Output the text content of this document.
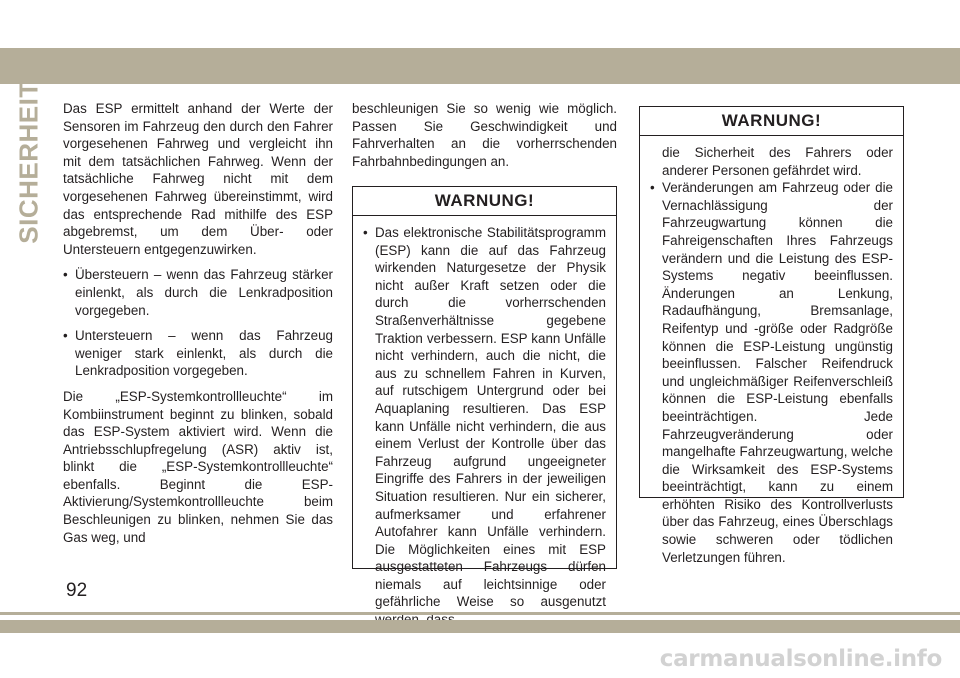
SICHERHEIT Das ESP ermittelt anhand der Werte der Sensoren im Fahrzeug den durch den Fahrer vorgesehenen Fahrweg und vergleicht ihn mit dem tatsächlichen Fahrweg. Wenn der tatsächliche Fahrweg nicht mit dem vorgesehenen Fahrweg übereinstimmt, wird das entsprechende Rad mithilfe des ESP abgebremst, um dem Über- oder Untersteuern entgegenzuwirken.

• Übersteuern – wenn das Fahrzeug stärker einlenkt, als durch die Lenkradposition vorgegeben.

• Untersteuern – wenn das Fahrzeug weniger stark einlenkt, als durch die Lenkradposition vorgegeben.

Die „ESP-Systemkontrollleuchte“ im Kombiinstrument beginnt zu blinken, sobald das ESP-System aktiviert wird. Wenn die Antriebsschlupfregelung (ASR) aktiv ist, blinkt die „ESP-Systemkontrollleuchte“ ebenfalls. Beginnt die ESP-Aktivierung/Systemkontrollleuchte beim Beschleunigen zu blinken, nehmen Sie das Gas weg, und

beschleunigen Sie so wenig wie möglich. Passen Sie Geschwindigkeit und Fahrverhalten an die vorherrschenden Fahrbahnbedingungen an.

WARNUNG!

• Das elektronische Stabilitätsprogramm (ESP) kann die auf das Fahrzeug wirkenden Naturgesetze der Physik nicht außer Kraft setzen oder die durch die vorherrschenden Straßenverhältnisse gegebene Traktion verbessern. ESP kann Unfälle nicht verhindern, auch die nicht, die aus zu schnellem Fahren in Kurven, auf rutschigem Untergrund oder bei Aquaplaning resultieren. Das ESP kann Unfälle nicht verhindern, die aus einem Verlust der Kontrolle über das Fahrzeug aufgrund ungeeigneter Eingriffe des Fahrers in der jeweiligen Situation resultieren. Nur ein sicherer, aufmerksamer und erfahrener Autofahrer kann Unfälle verhindern. Die Möglichkeiten eines mit ESP ausgestatteten Fahrzeugs dürfen niemals auf leichtsinnige oder gefährliche Weise so ausgenutzt

WARNUNG!

die Sicherheit des Fahrers oder anderer Personen gefährdet wird.

• Veränderungen am Fahrzeug oder die Vernachlässigung der Fahrzeugwartung können die Fahreigenschaften Ihres Fahrzeugs verändern und die Leistung des ESP-Systems negativ beeinflussen. Änderungen an Lenkung, Radaufhängung, Bremsanlage, Reifentyp und -größe oder Radgröße können die ESP-Leistung ungünstig beeinflussen. Falscher Reifendruck und ungleichmäßiger Reifenverschleiß können die ESP-Leistung ebenfalls beeinträchtigen. Jede Fahrzeugveränderung oder mangelhafte Fahrzeugwartung, welche die Wirksamkeit des ESP-Systems beeinträchtigt, kann zu einem erhöhten Risiko des Kontrollverlusts über das Fahrzeug, eines Überschlags sowie schweren oder tödlichen Verletzungen führen.

92
carmanualsonline.info
